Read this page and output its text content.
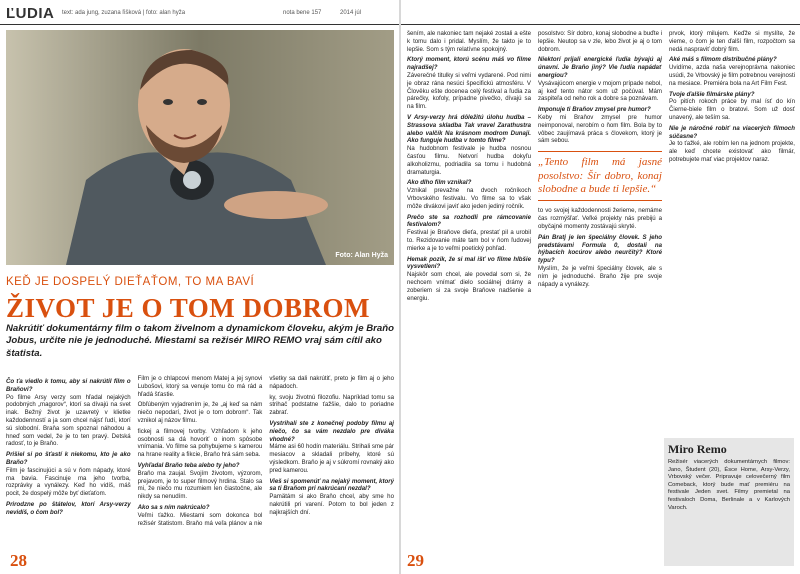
ĽUDIA text: ada jung, zuzana ľišková | foto: alan hyža	nota bene 157	2014 júl
Foto: Alan Hyža
KEĎ JE DOSPELÝ DIEŤAŤOM, TO MA BAVÍ
ŽIVOT JE O TOM DOBROM
Nakrútiť dokumentárny film o takom živelnom a dynamickom človeku, akým je Braňo Jobus, určite nie je jednoduché. Miestami sa režisér MIRO REMO vraj sám cítil ako štatista.

Čo ťa viedlo k tomu, aby si nakrútil film o Braňovi?
Po filme Arsy verzy som hľadal nejakých podobných „magorov“, ktorí sa dívajú na svet inak. Bežný život je uzavretý v klietke každodenností a ja som chcel nájsť ľudí, ktorí sú slobodní. Braňa som spoznal náhodou a hneď som vedel, že je to ten pravý. Detská radosť, to je Braňo.

Prišiel si po šťastí k niekomu, kto je ako Braňo?
Film je fascinujúci a sú v ňom nápady, ktoré ma bavia. Fascinuje ma jeho tvorba, rozprávky a vynálezy. Keď ho vidíš, máš pocit, že dospelý môže byť dieťaťom.

Prirodzne po štátelov, ktorí Arsy-verzy nevidíš, o čom bol?
Film je o chlapcovi menom Matej a jej synovi Lubošovi, ktorý sa venuje tomu čo má rád a hľadá šťastie.

Obľúbeným vyjadrením je, že „aj keď sa nám niečo nepodarí, život je o tom dobrom“. Tak vznikol aj názov filmu.

fickej a filmovej tvorby. Vzhľadom k jeho osobnosti sa dá hovoriť o inom spôsobe vnímania. Vo filme sa pohybujeme s kamerou na hrane reality a fikcie, Braňo hrá sám seba.

Vyhľadal Braňo teba alebo ty jeho?
Braňo ma zaujal. Svojím životom, výzorom, prejavom, je to super filmový hrdina. Stalo sa mi, že niečo mu rozumiem len čiastočne, ale nikdy sa nenudím.

Ako sa s ním nakrúcalo?
Veľmi ťažko. Miestami som dokonca bol režisér štatistom. Braňo má veľa plánov a nie všetky sa dali nakrútiť, preto je film aj o jeho nápadoch.

ky, svoju životnú filozofiu. Napríklad tomu sa strihač podstatne ťažšie, dalo to poriadne zabrať.

Vystrihali ste z konečnej podoby filmu aj niečo, čo sa vám nezdalo pre diváka vhodné?
Máme asi 60 hodín materiálu. Strihali sme pár mesiacov a skladali príbehy, ktoré sú výsledkom. Braňo je aj v súkromí rovnaký ako pred kamerou.

Vieš si spomenúť na nejaký moment, ktorý sa ti Braňom pri nakrúcaní nezdal?
Pamätám si ako Braňo chcel, aby sme ho nakrútili pri varení. Potom to bol jeden z najkrajších dní.

28

šením, ale nakoniec tam nejaké zostali a ešte k tomu dalo i pridal. Myslím, že takto je to lepšie. Som s tým relatívne spokojný.

Ktorý moment, ktorú scénu máš vo filme najradšej?
Záverečné titulky si veľmi vydarené. Pod nimi je obraz rána nesúci špecifickú atmosféru. V Člověku ešte docenea celý festival a ľudia za párečky, kofoly, prípadne pivečko, dívajú sa na film.

V Arsy-verzy hrá dôležitú úlohu hudba – Strassova skladba Tak vravel Zarathustra alebo valčík Na krásnom modrom Dunaji. Ako funguje hudba v tomto filme?
Na hudobnom festivale je hudba nosnou časťou filmu. Netvorí hudba dokyľu alkoholizmu, podriadila sa tomu i hudobná dramaturgia.

Ako dlho film vznikal?
Vznikal prevažne na dvoch ročníkoch Vrbovského festivalu. Vo filme sa to však môže divákovi javiť ako jeden jediný ročník.

Prečo ste sa rozhodli pre rámcovanie festivalom?
Festival je Braňove dieťa, prestať pil a urobil to. Rezidovanie máte tam bol v ňom ľudovej mierke a je to veľmi poetický pohľad.

Hemak pozik, že si mal išť vo filme hlbšie vysvetlení?
Najskôr som chcel, ale povedal som si, že nechcem vnímať dielo sociálnej drámy a zoberiem si za svoje Braňove nadšenie a energiu.

posolstvo: Sír dobro, konaj slobodne a buďte i lepšie. Neutop sa v zle, lebo život je aj o tom dobrom.

Niektorí prijali energické ľudia bývajú aj únavní. Je Braňo jiný? Vie ľudia napádať energiou?
Vysávajúcom energie v mojom prípade nebol, aj keď tento nátor som už počúval. Mám zaspiteľa od neho rok a dobre sa poznávam.

Imponuje ti Braňov zmysel pre humor?
Keby mi Braňov zmysel pre humor neimponoval, nerobím o ňom film. Bola by to vôbec zaujímavá práca s človekom, ktorý je sám sebou.

„Tento film má jasné posolstvo: Šír dobro, konaj slobodne a bude ti lepšie.“

to vo svojej každodennosti žerieme, nemáme čas rozmýšľať. Veľké projekty nás prebijú a obyčajné momenty zostávajú skryté.

Pán Bratj je len špeciálny človek. S jeho predstávami Formula 0, dostali na hýbacích kocúrov alebo neurčitý? Ktoré typu?
Myslím, že je veľmi špeciálny človek, ale s ním je jednoduché. Braňo žije pre svoje nápady a vynálezy.

prvok, ktorý milujem. Keďže si myslíte, že vieme, o čom je ten ďalší film, rozpočtom sa nedá naspraviť dobrý film.

Aké máš s filmom distribučné plány?
Uvidíme, azda naša verejnoprávna nakoniec usúdi, že Vrbovský je film potrebnou verejnosti na mesiace. Premiéra bola na Art Film Fest.

Tvoje ďalšie filmárske plány?
Po pitích rokoch práce by mal ísť do kín Čierne-biele film o bratovi. Som už dosť unavený, ale teším sa.

Nie je náročné robiť na viacerých filmoch súčasne?
Je to ťažké, ale robím len na jednom projekte, ale keď chcete existovať ako filmár, potrebujete mať viac projektov naraz.

Miro Remo
Režisér viacerých dokumentárnych filmov: Jano, Študent (20), Ésce Home, Arsy-Verzy, Vrbovský večer. Pripravuje celovečerný film Comeback, ktorý bude mať premiéru na festivale Jeden svet. Filmy premietal na festivaloch Doma, Berlinale a v Karlových Varoch.
29
